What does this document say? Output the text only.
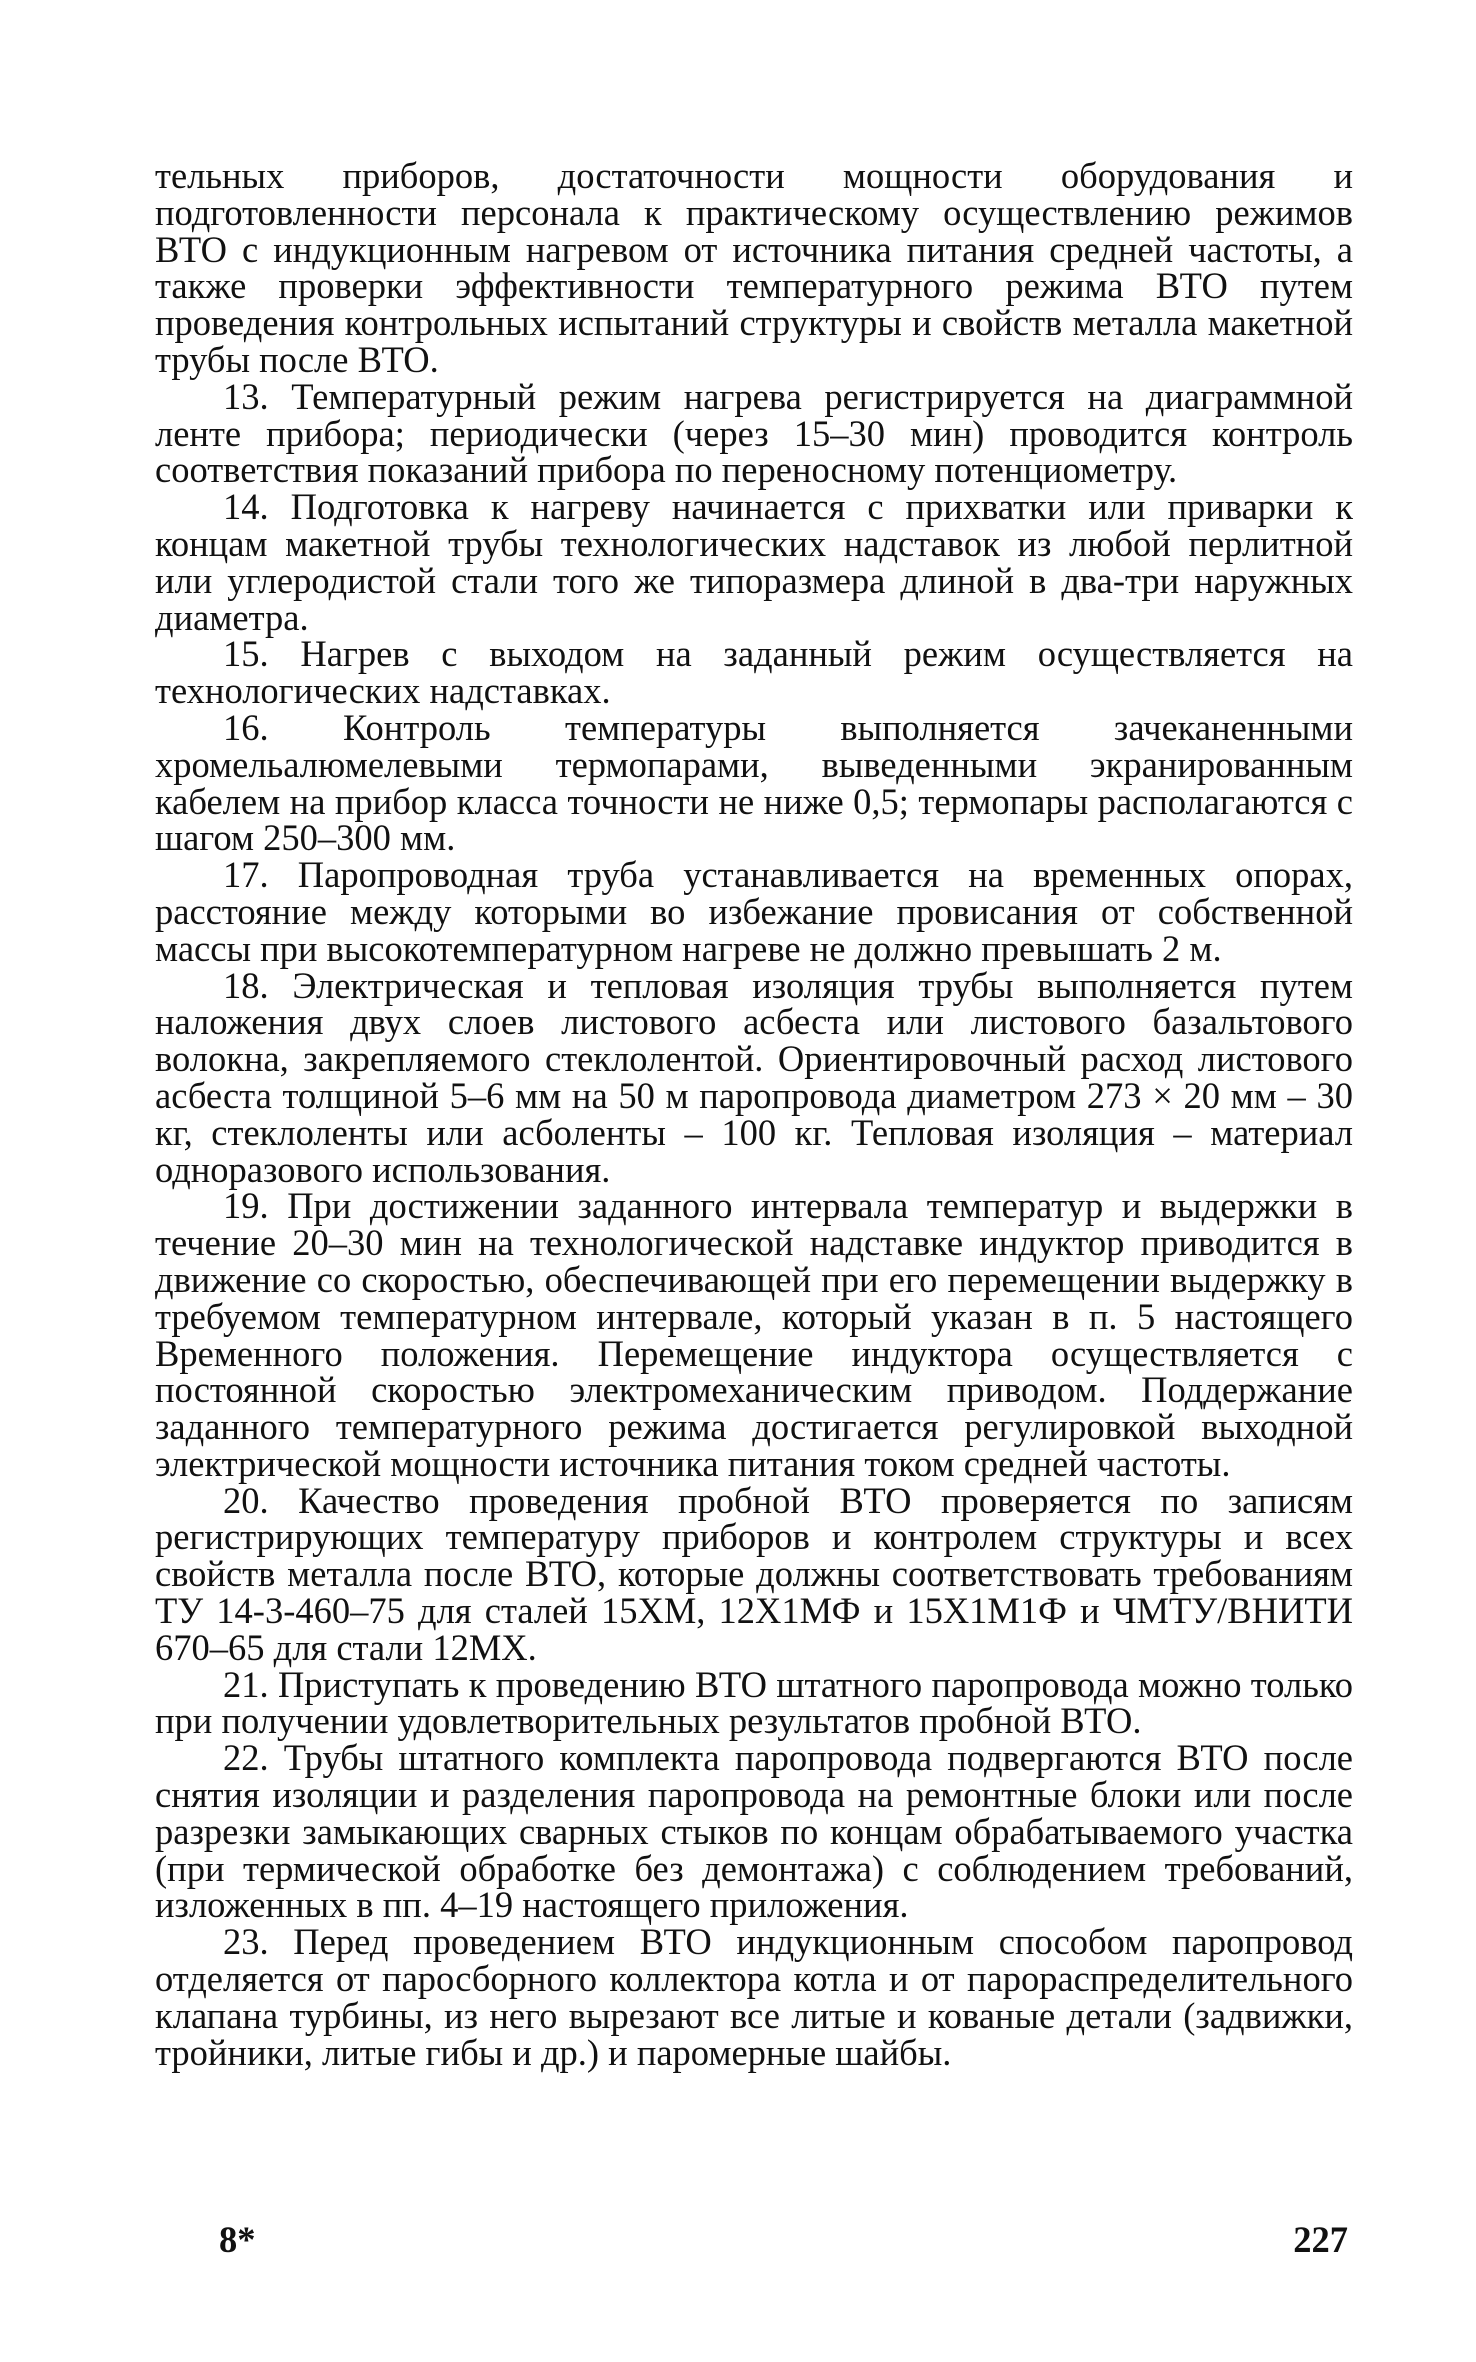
тельных приборов, достаточности мощности оборудования и подготовленности персонала к практическому осуществлению режимов ВТО с индукционным нагревом от источника питания средней частоты, а также проверки эффективности температурного режима ВТО путем проведения контрольных испытаний структуры и свойств металла макетной трубы после ВТО.

13. Температурный режим нагрева регистрируется на диаграммной ленте прибора; периодически (через 15–30 мин) проводится контроль соответствия показаний прибора по переносному потенциометру.

14. Подготовка к нагреву начинается с прихватки или приварки к концам макетной трубы технологических надставок из любой перлитной или углеродистой стали того же типоразмера длиной в два-три наружных диаметра.

15. Нагрев с выходом на заданный режим осуществляется на технологических надставках.

16. Контроль температуры выполняется зачеканенными хромельалюмелевыми термопарами, выведенными экранированным кабелем на прибор класса точности не ниже 0,5; термопары располагаются с шагом 250–300 мм.

17. Паропроводная труба устанавливается на временных опорах, расстояние между которыми во избежание провисания от собственной массы при высокотемпературном нагреве не должно превышать 2 м.

18. Электрическая и тепловая изоляция трубы выполняется путем наложения двух слоев листового асбеста или листового базальтового волокна, закрепляемого стеклолентой. Ориентировочный расход листового асбеста толщиной 5–6 мм на 50 м паропровода диаметром 273 × 20 мм – 30 кг, стеклоленты или асболенты – 100 кг. Тепловая изоляция – материал одноразового использования.

19. При достижении заданного интервала температур и выдержки в течение 20–30 мин на технологической надставке индуктор приводится в движение со скоростью, обеспечивающей при его перемещении выдержку в требуемом температурном интервале, который указан в п. 5 настоящего Временного положения. Перемещение индуктора осуществляется с постоянной скоростью электромеханическим приводом. Поддержание заданного температурного режима достигается регулировкой выходной электрической мощности источника питания током средней частоты.

20. Качество проведения пробной ВТО проверяется по записям регистрирующих температуру приборов и контролем структуры и всех свойств металла после ВТО, которые должны соответствовать требованиям ТУ 14-3-460–75 для сталей 15ХМ, 12Х1МФ и 15Х1М1Ф и ЧМТУ/ВНИТИ 670–65 для стали 12МХ.

21. Приступать к проведению ВТО штатного паропровода можно только при получении удовлетворительных результатов пробной ВТО.

22. Трубы штатного комплекта паропровода подвергаются ВТО после снятия изоляции и разделения паропровода на ремонтные блоки или после разрезки замыкающих сварных стыков по концам обрабатываемого участка (при термической обработке без демонтажа) с соблюдением требований, изложенных в пп. 4–19 настоящего приложения.

23. Перед проведением ВТО индукционным способом паропровод отделяется от паросборного коллектора котла и от парораспределительного клапана турбины, из него вырезают все литые и кованые детали (задвижки, тройники, литые гибы и др.) и паромерные шайбы.

8*	227
